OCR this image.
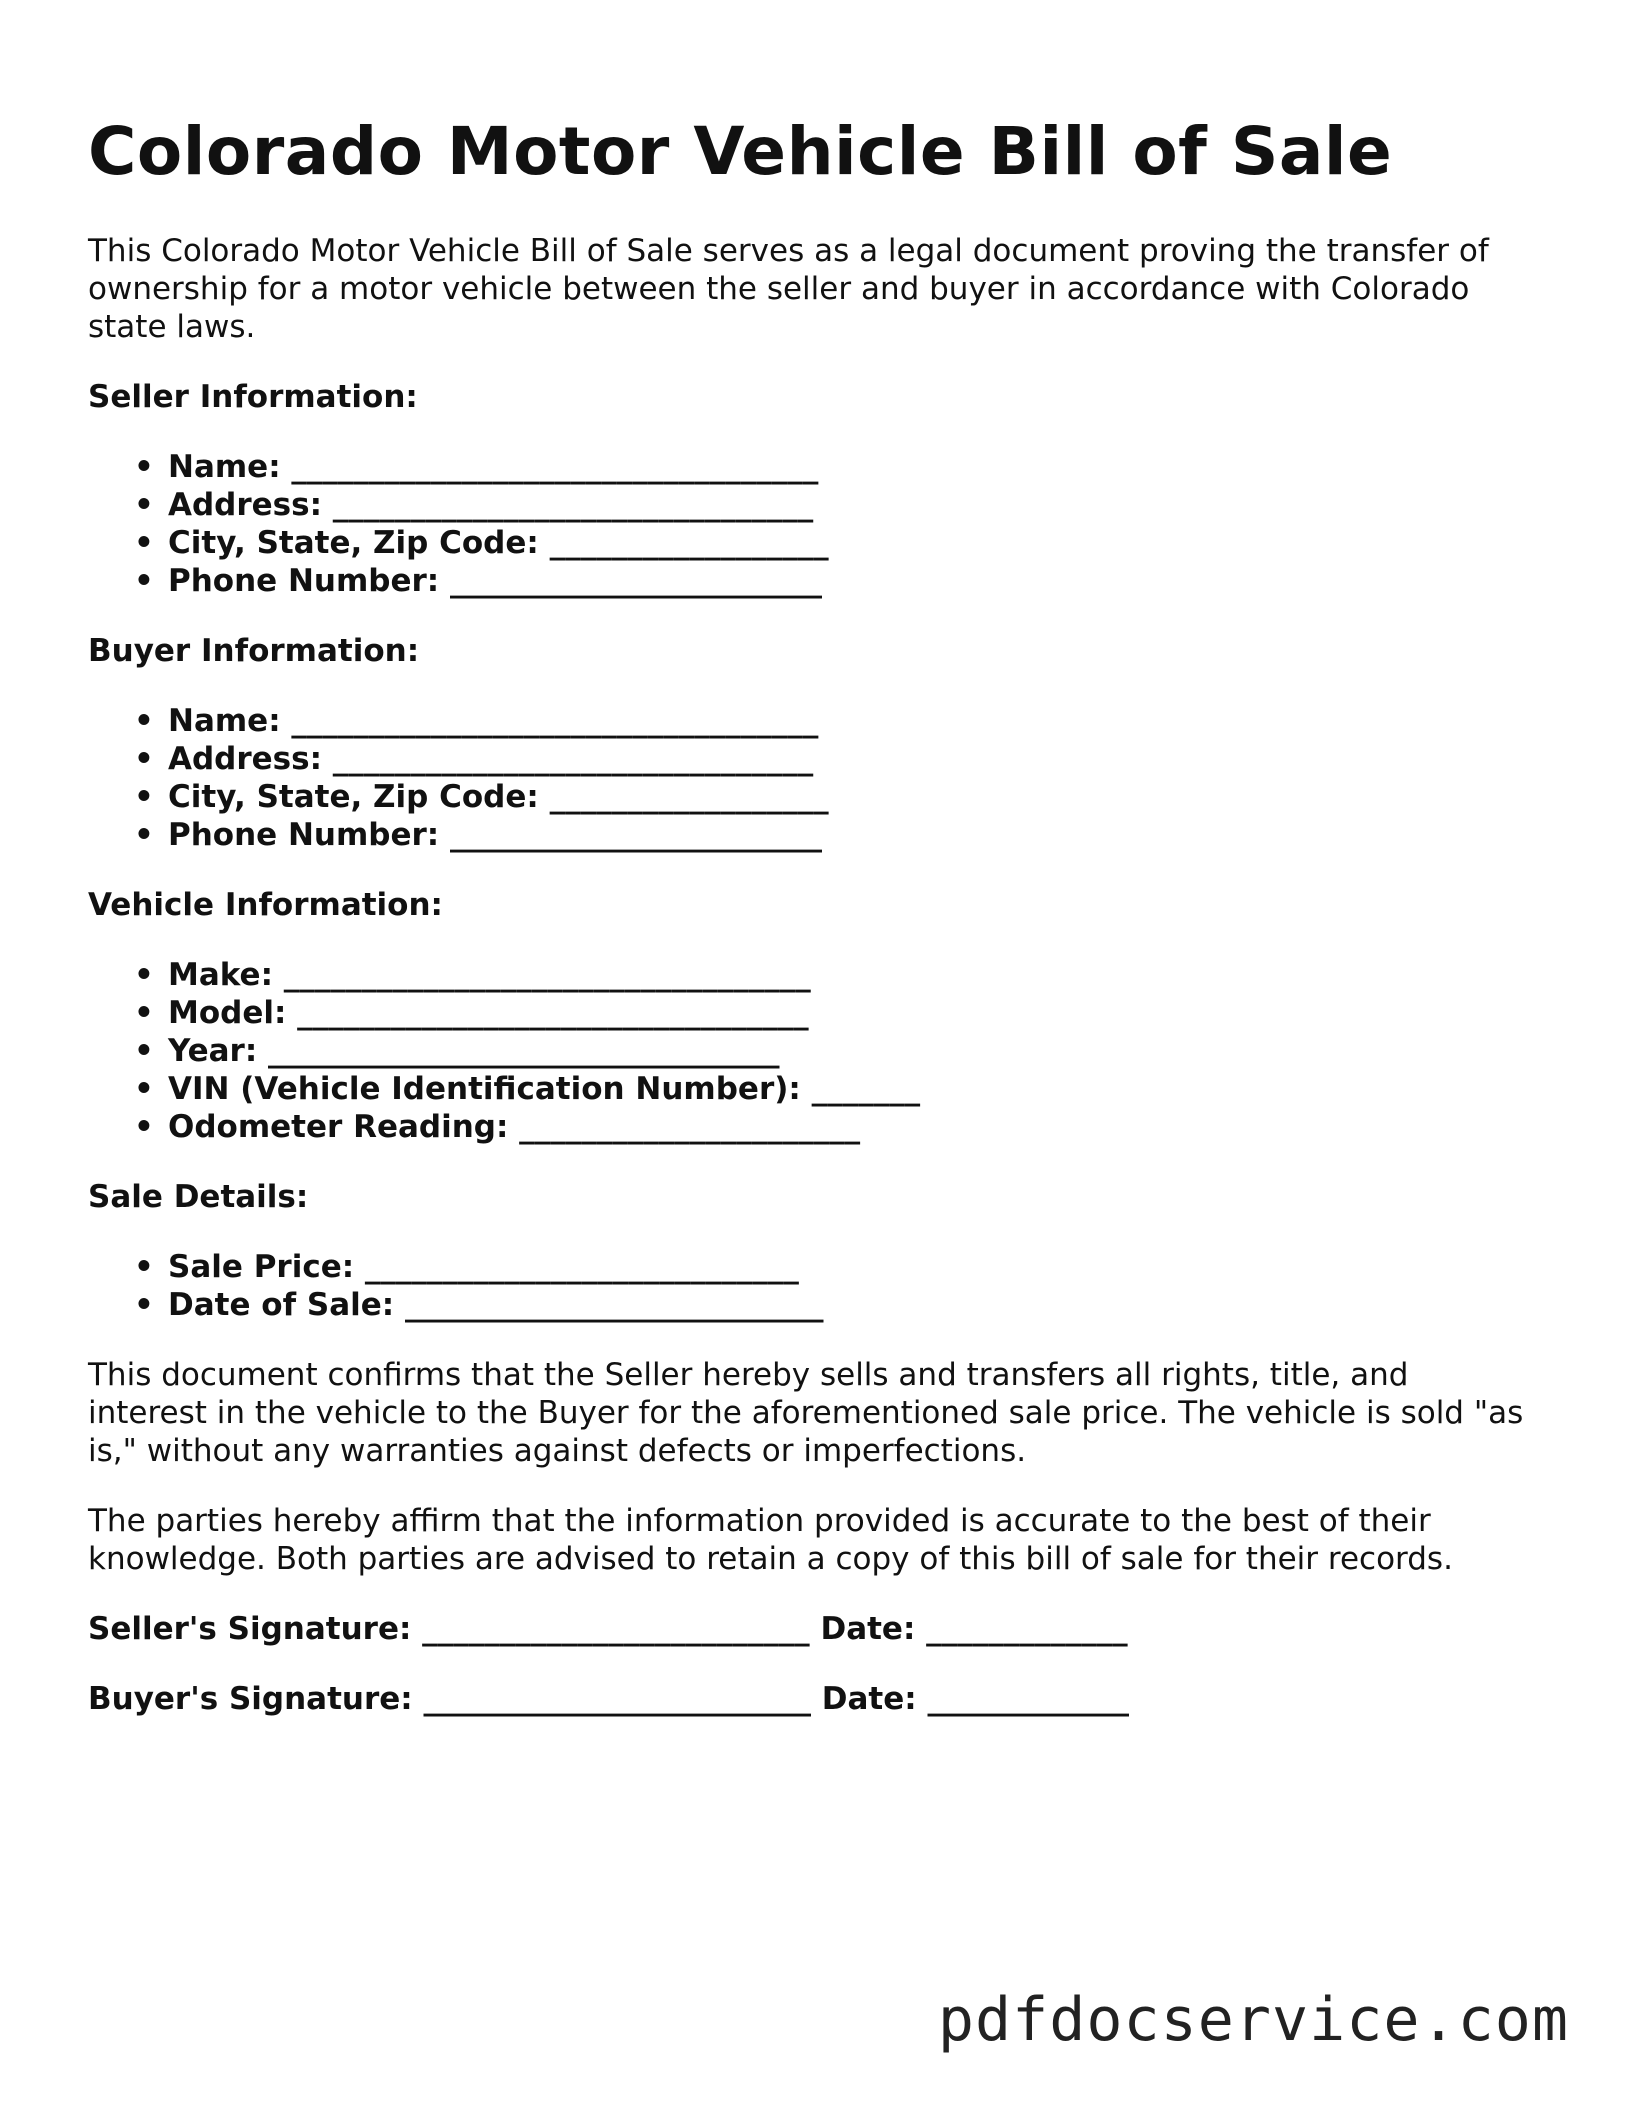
Colorado Motor Vehicle Bill of Sale

This Colorado Motor Vehicle Bill of Sale serves as a legal document proving the transfer of ownership for a motor vehicle between the seller and buyer in accordance with Colorado state laws.

Seller Information:
• Name: __________________________________
• Address: _______________________________
• City, State, Zip Code: __________________
• Phone Number: ________________________
Buyer Information:
• Name: __________________________________
• Address: _______________________________
• City, State, Zip Code: __________________
• Phone Number: ________________________
Vehicle Information:
• Make: __________________________________
• Model: _________________________________
• Year: _________________________________
• VIN (Vehicle Identification Number): _______
• Odometer Reading: ______________________
Sale Details:
• Sale Price: ____________________________
• Date of Sale: ___________________________

This document confirms that the Seller hereby sells and transfers all rights, title, and interest in the vehicle to the Buyer for the aforementioned sale price. The vehicle is sold "as is," without any warranties against defects or imperfections.

The parties hereby affirm that the information provided is accurate to the best of their knowledge. Both parties are advised to retain a copy of this bill of sale for their records.

Seller's Signature: _________________________ Date: _____________

Buyer's Signature: _________________________ Date: _____________

pdfdocservice.com
